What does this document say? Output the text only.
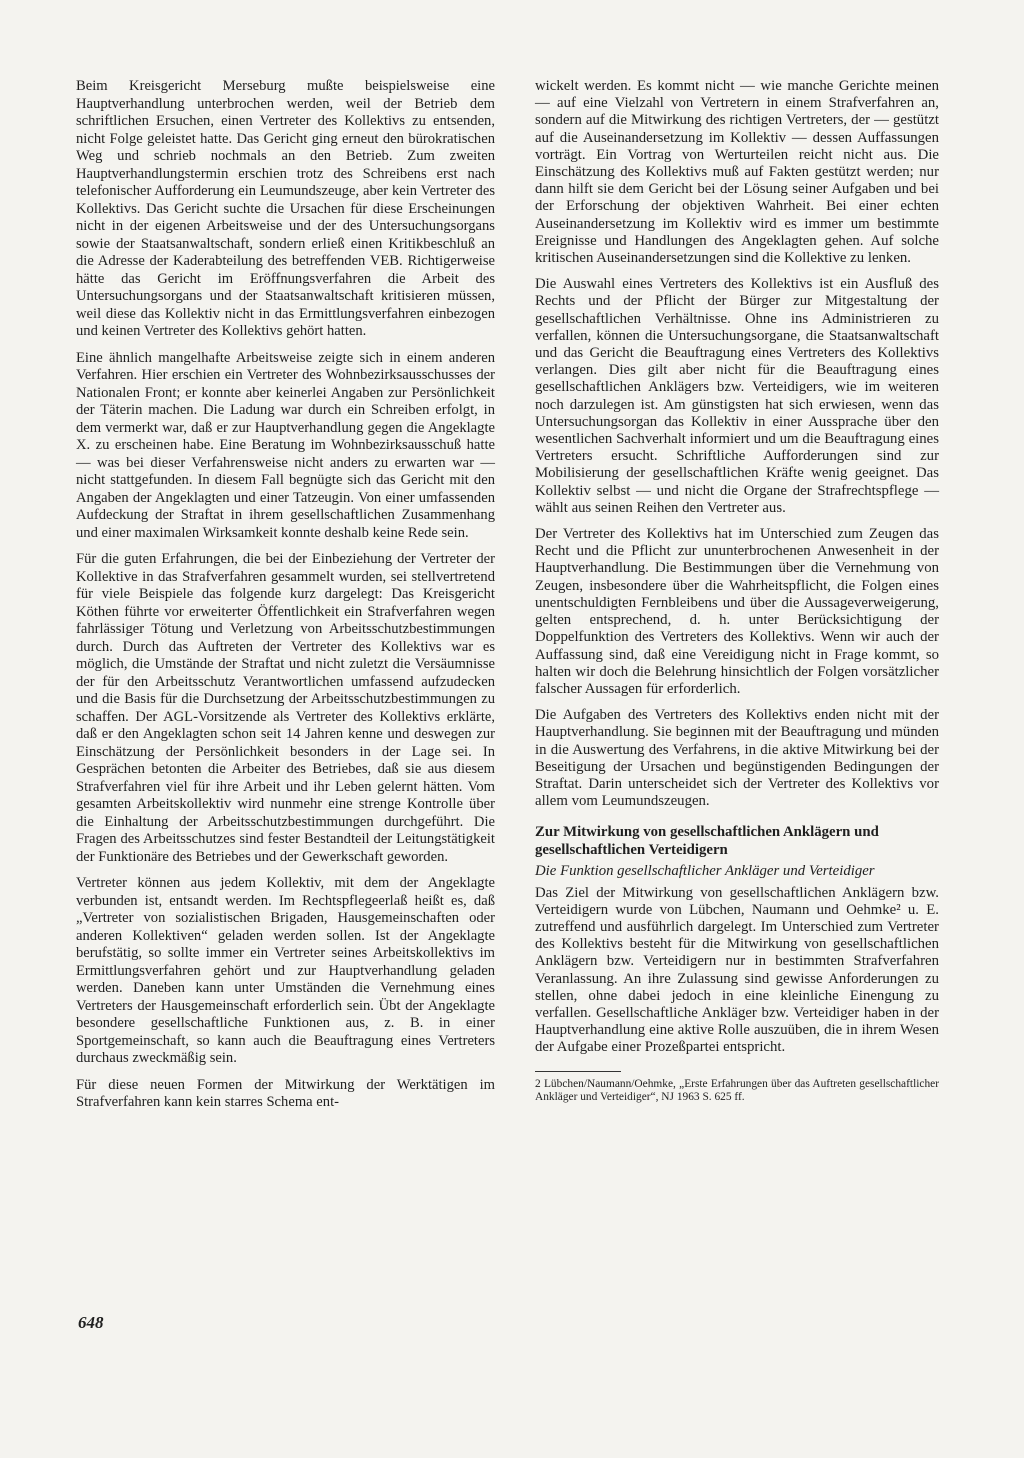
Beim Kreisgericht Merseburg mußte beispielsweise eine Hauptverhandlung unterbrochen werden, weil der Betrieb dem schriftlichen Ersuchen, einen Vertreter des Kollektivs zu entsenden, nicht Folge geleistet hatte. Das Gericht ging erneut den bürokratischen Weg und schrieb nochmals an den Betrieb. Zum zweiten Hauptverhandlungstermin erschien trotz des Schreibens erst nach telefonischer Aufforderung ein Leumundszeuge, aber kein Vertreter des Kollektivs. Das Gericht suchte die Ursachen für diese Erscheinungen nicht in der eigenen Arbeitsweise und der des Untersuchungsorgans sowie der Staatsanwaltschaft, sondern erließ einen Kritikbeschluß an die Adresse der Kaderabteilung des betreffenden VEB. Richtigerweise hätte das Gericht im Eröffnungsverfahren die Arbeit des Untersuchungsorgans und der Staatsanwaltschaft kritisieren müssen, weil diese das Kollektiv nicht in das Ermittlungsverfahren einbezogen und keinen Vertreter des Kollektivs gehört hatten.

Eine ähnlich mangelhafte Arbeitsweise zeigte sich in einem anderen Verfahren. Hier erschien ein Vertreter des Wohnbezirksausschusses der Nationalen Front; er konnte aber keinerlei Angaben zur Persönlichkeit der Täterin machen. Die Ladung war durch ein Schreiben erfolgt, in dem vermerkt war, daß er zur Hauptverhandlung gegen die Angeklagte X. zu erscheinen habe. Eine Beratung im Wohnbezirksausschuß hatte — was bei dieser Verfahrensweise nicht anders zu erwarten war — nicht stattgefunden. In diesem Fall begnügte sich das Gericht mit den Angaben der Angeklagten und einer Tatzeugin. Von einer umfassenden Aufdeckung der Straftat in ihrem gesellschaftlichen Zusammenhang und einer maximalen Wirksamkeit konnte deshalb keine Rede sein.

Für die guten Erfahrungen, die bei der Einbeziehung der Vertreter der Kollektive in das Strafverfahren gesammelt wurden, sei stellvertretend für viele Beispiele das folgende kurz dargelegt: Das Kreisgericht Köthen führte vor erweiterter Öffentlichkeit ein Strafverfahren wegen fahrlässiger Tötung und Verletzung von Arbeitsschutzbestimmungen durch. Durch das Auftreten der Vertreter des Kollektivs war es möglich, die Umstände der Straftat und nicht zuletzt die Versäumnisse der für den Arbeitsschutz Verantwortlichen umfassend aufzudecken und die Basis für die Durchsetzung der Arbeitsschutzbestimmungen zu schaffen. Der AGL-Vorsitzende als Vertreter des Kollektivs erklärte, daß er den Angeklagten schon seit 14 Jahren kenne und deswegen zur Einschätzung der Persönlichkeit besonders in der Lage sei. In Gesprächen betonten die Arbeiter des Betriebes, daß sie aus diesem Strafverfahren viel für ihre Arbeit und ihr Leben gelernt hätten. Vom gesamten Arbeitskollektiv wird nunmehr eine strenge Kontrolle über die Einhaltung der Arbeitsschutzbestimmungen durchgeführt. Die Fragen des Arbeitsschutzes sind fester Bestandteil der Leitungstätigkeit der Funktionäre des Betriebes und der Gewerkschaft geworden.

Vertreter können aus jedem Kollektiv, mit dem der Angeklagte verbunden ist, entsandt werden. Im Rechtspflegeerlaß heißt es, daß „Vertreter von sozialistischen Brigaden, Hausgemeinschaften oder anderen Kollektiven“ geladen werden sollen. Ist der Angeklagte berufstätig, so sollte immer ein Vertreter seines Arbeitskollektivs im Ermittlungsverfahren gehört und zur Hauptverhandlung geladen werden. Daneben kann unter Umständen die Vernehmung eines Vertreters der Hausgemeinschaft erforderlich sein. Übt der Angeklagte besondere gesellschaftliche Funktionen aus, z. B. in einer Sportgemeinschaft, so kann auch die Beauftragung eines Vertreters durchaus zweckmäßig sein.

Für diese neuen Formen der Mitwirkung der Werktätigen im Strafverfahren kann kein starres Schema ent-

wickelt werden. Es kommt nicht — wie manche Gerichte meinen — auf eine Vielzahl von Vertretern in einem Strafverfahren an, sondern auf die Mitwirkung des richtigen Vertreters, der — gestützt auf die Auseinandersetzung im Kollektiv — dessen Auffassungen vorträgt. Ein Vortrag von Werturteilen reicht nicht aus. Die Einschätzung des Kollektivs muß auf Fakten gestützt werden; nur dann hilft sie dem Gericht bei der Lösung seiner Aufgaben und bei der Erforschung der objektiven Wahrheit. Bei einer echten Auseinandersetzung im Kollektiv wird es immer um bestimmte Ereignisse und Handlungen des Angeklagten gehen. Auf solche kritischen Auseinandersetzungen sind die Kollektive zu lenken.

Die Auswahl eines Vertreters des Kollektivs ist ein Ausfluß des Rechts und der Pflicht der Bürger zur Mitgestaltung der gesellschaftlichen Verhältnisse. Ohne ins Administrieren zu verfallen, können die Untersuchungsorgane, die Staatsanwaltschaft und das Gericht die Beauftragung eines Vertreters des Kollektivs verlangen. Dies gilt aber nicht für die Beauftragung eines gesellschaftlichen Anklägers bzw. Verteidigers, wie im weiteren noch darzulegen ist. Am günstigsten hat sich erwiesen, wenn das Untersuchungsorgan das Kollektiv in einer Aussprache über den wesentlichen Sachverhalt informiert und um die Beauftragung eines Vertreters ersucht. Schriftliche Aufforderungen sind zur Mobilisierung der gesellschaftlichen Kräfte wenig geeignet. Das Kollektiv selbst — und nicht die Organe der Strafrechtspflege — wählt aus seinen Reihen den Vertreter aus.

Der Vertreter des Kollektivs hat im Unterschied zum Zeugen das Recht und die Pflicht zur ununterbrochenen Anwesenheit in der Hauptverhandlung. Die Bestimmungen über die Vernehmung von Zeugen, insbesondere über die Wahrheitspflicht, die Folgen eines unentschuldigten Fernbleibens und über die Aussageverweigerung, gelten entsprechend, d. h. unter Berücksichtigung der Doppelfunktion des Vertreters des Kollektivs. Wenn wir auch der Auffassung sind, daß eine Vereidigung nicht in Frage kommt, so halten wir doch die Belehrung hinsichtlich der Folgen vorsätzlicher falscher Aussagen für erforderlich.

Die Aufgaben des Vertreters des Kollektivs enden nicht mit der Hauptverhandlung. Sie beginnen mit der Beauftragung und münden in die Auswertung des Verfahrens, in die aktive Mitwirkung bei der Beseitigung der Ursachen und begünstigenden Bedingungen der Straftat. Darin unterscheidet sich der Vertreter des Kollektivs vor allem vom Leumundszeugen.

Zur Mitwirkung von gesellschaftlichen Anklägern und gesellschaftlichen Verteidigern
Die Funktion gesellschaftlicher Ankläger und Verteidiger

Das Ziel der Mitwirkung von gesellschaftlichen Anklägern bzw. Verteidigern wurde von Lübchen, Naumann und Oehmke² u. E. zutreffend und ausführlich dargelegt. Im Unterschied zum Vertreter des Kollektivs besteht für die Mitwirkung von gesellschaftlichen Anklägern bzw. Verteidigern nur in bestimmten Strafverfahren Veranlassung. An ihre Zulassung sind gewisse Anforderungen zu stellen, ohne dabei jedoch in eine kleinliche Einengung zu verfallen. Gesellschaftliche Ankläger bzw. Verteidiger haben in der Hauptverhandlung eine aktive Rolle auszuüben, die in ihrem Wesen der Aufgabe einer Prozeßpartei entspricht.

2 Lübchen/Naumann/Oehmke, „Erste Erfahrungen über das Auftreten gesellschaftlicher Ankläger und Verteidiger“, NJ 1963 S. 625 ff.

648
